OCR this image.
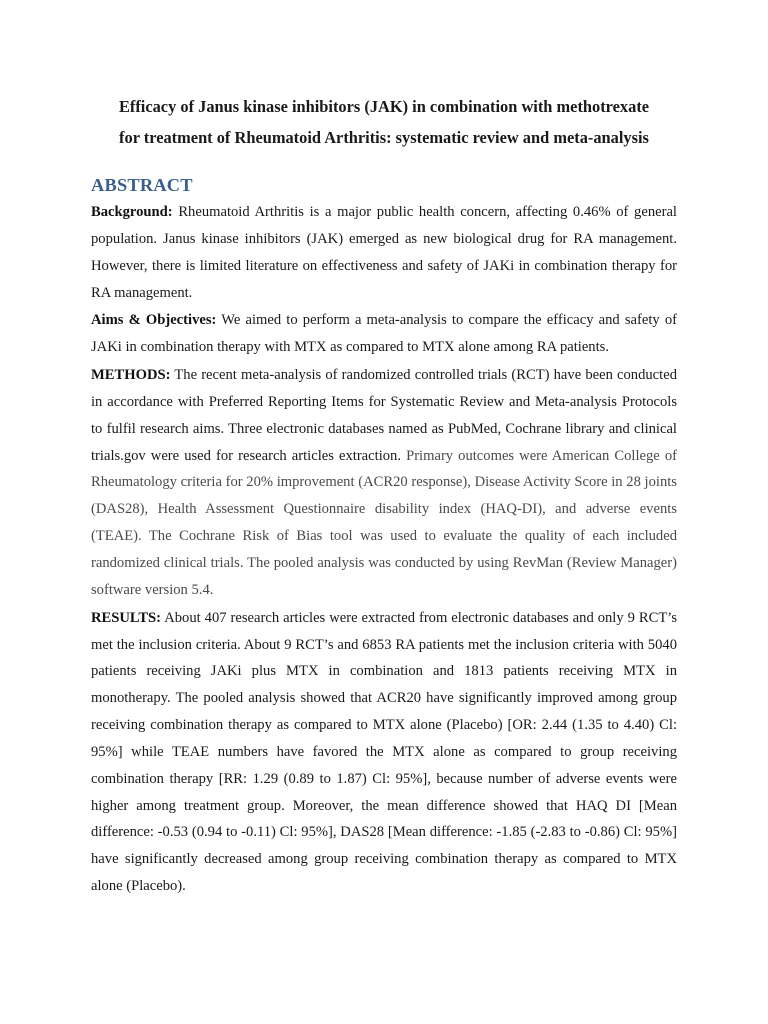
Efficacy of Janus kinase inhibitors (JAK) in combination with methotrexate
for treatment of Rheumatoid Arthritis: systematic review and meta-analysis
ABSTRACT

Background: Rheumatoid Arthritis is a major public health concern, affecting 0.46% of general population. Janus kinase inhibitors (JAK) emerged as new biological drug for RA management. However, there is limited literature on effectiveness and safety of JAKi in combination therapy for RA management.

Aims & Objectives: We aimed to perform a meta-analysis to compare the efficacy and safety of JAKi in combination therapy with MTX as compared to MTX alone among RA patients.

METHODS: The recent meta-analysis of randomized controlled trials (RCT) have been conducted in accordance with Preferred Reporting Items for Systematic Review and Meta-analysis Protocols to fulfil research aims. Three electronic databases named as PubMed, Cochrane library and clinical trials.gov were used for research articles extraction. Primary outcomes were American College of Rheumatology criteria for 20% improvement (ACR20 response), Disease Activity Score in 28 joints (DAS28), Health Assessment Questionnaire disability index (HAQ-DI), and adverse events (TEAE). The Cochrane Risk of Bias tool was used to evaluate the quality of each included randomized clinical trials. The pooled analysis was conducted by using RevMan (Review Manager) software version 5.4.

RESULTS: About 407 research articles were extracted from electronic databases and only 9 RCT’s met the inclusion criteria. About 9 RCT’s and 6853 RA patients met the inclusion criteria with 5040 patients receiving JAKi plus MTX in combination and 1813 patients receiving MTX in monotherapy. The pooled analysis showed that ACR20 have significantly improved among group receiving combination therapy as compared to MTX alone (Placebo) [OR: 2.44 (1.35 to 4.40) Cl: 95%] while TEAE numbers have favored the MTX alone as compared to group receiving combination therapy [RR: 1.29 (0.89 to 1.87) Cl: 95%], because number of adverse events were higher among treatment group. Moreover, the mean difference showed that HAQ DI [Mean difference: -0.53 (0.94 to -0.11) Cl: 95%], DAS28 [Mean difference: -1.85 (-2.83 to -0.86) Cl: 95%] have significantly decreased among group receiving combination therapy as compared to MTX alone (Placebo).
